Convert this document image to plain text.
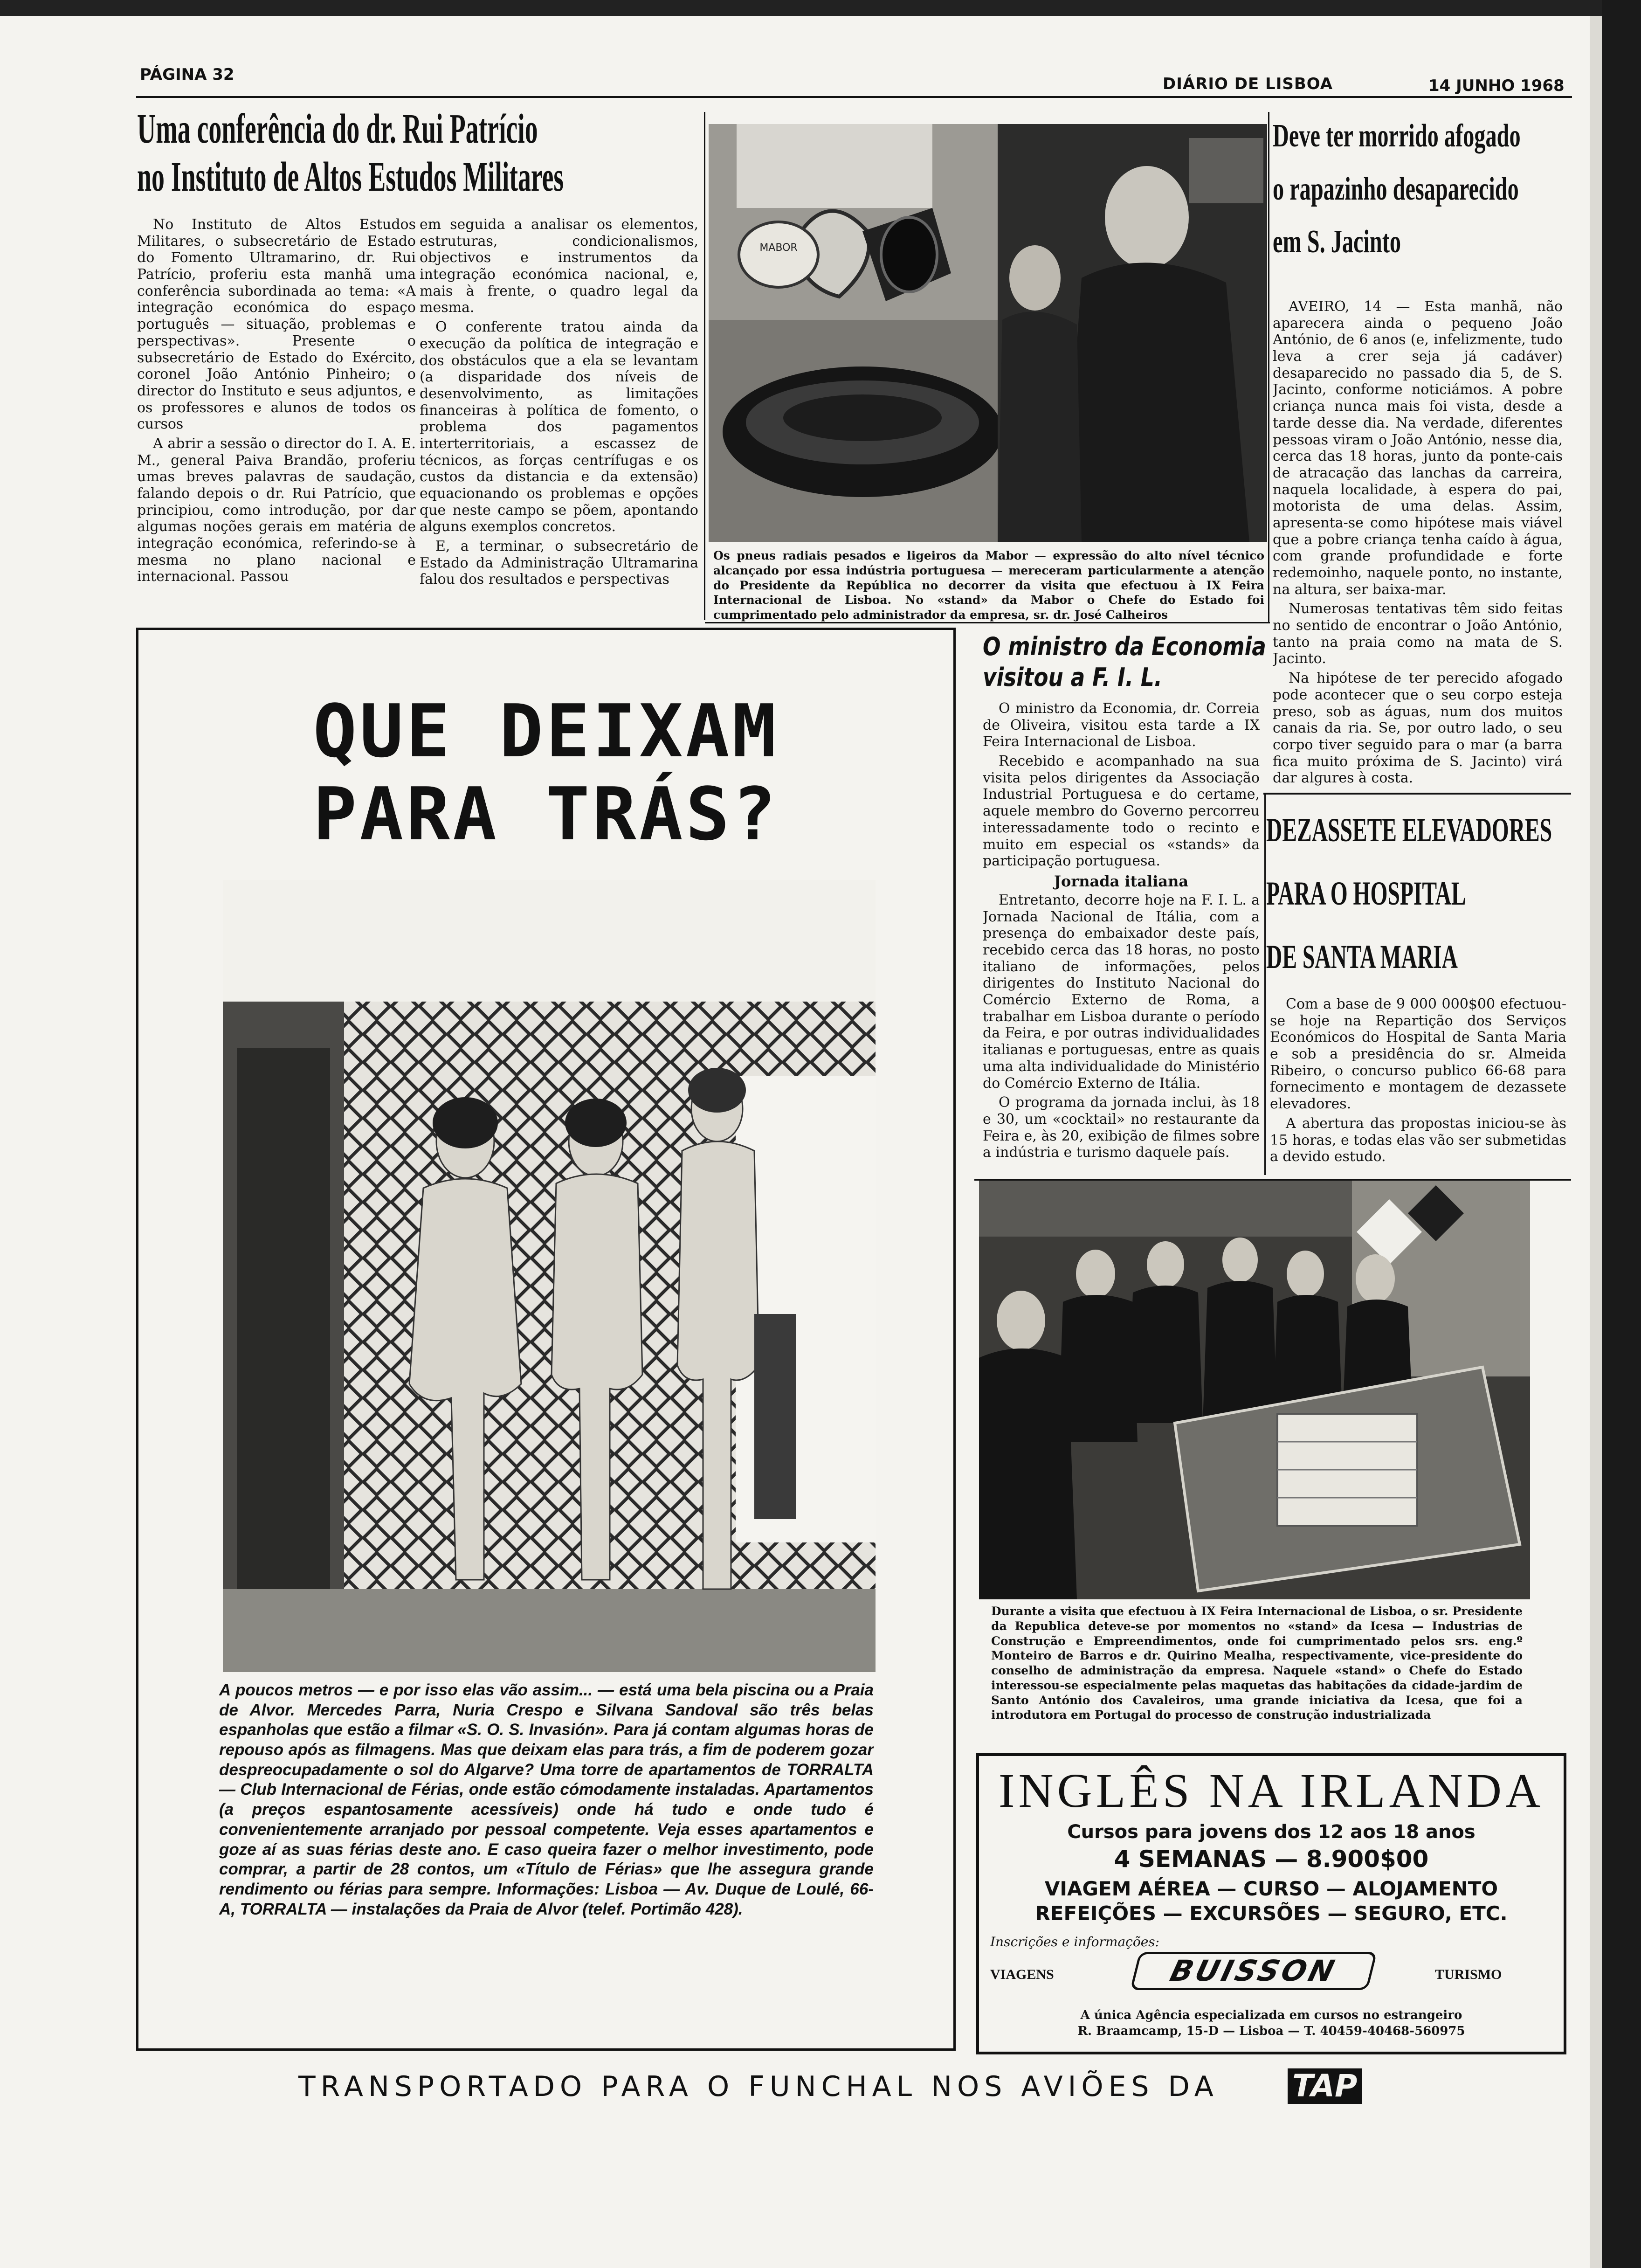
PÁGINA 32	DIÁRIO DE LISBOA	14 JUNHO 1968
Uma conferência do dr. Rui Patrício
no Instituto de Altos Estudos Militares

No Instituto de Altos Estudos Militares, o subsecretário de Estado do Fomento Ultramarino, dr. Rui Patrício, proferiu esta manhã uma conferência subordinada ao tema: «A integração económica do espaço português — situação, problemas e perspectivas». Presente o subsecretário de Estado do Exército, coronel João António Pinheiro; o director do Instituto e seus adjuntos, e os professores e alunos de todos os cursos

A abrir a sessão o director do I. A. E. M., general Paiva Brandão, proferiu umas breves palavras de saudação, falando depois o dr. Rui Patrício, que principiou, como introdução, por dar algumas noções gerais em matéria de integração económica, referindo-se à mesma no plano nacional e internacional. Passou

em seguida a analisar os elementos, estruturas, condicionalismos, objectivos e instrumentos da integração económica nacional, e, mais à frente, o quadro legal da mesma.

O conferente tratou ainda da execução da política de integração e dos obstáculos que a ela se levantam (a disparidade dos níveis de desenvolvimento, as limitações financeiras à política de fomento, o problema dos pagamentos interterritoriais, a escassez de técnicos, as forças centrífugas e os custos da distancia e da extensão) equacionando os problemas e opções que neste campo se põem, apontando alguns exemplos concretos.

E, a terminar, o subsecretário de Estado da Administração Ultramarina falou dos resultados e perspectivas

MABOR
Os pneus radiais pesados e ligeiros da Mabor — expressão do alto nível técnico alcançado por essa indústria portuguesa — mereceram particularmente a atenção do Presidente da República no decorrer da visita que efectuou à IX Feira Internacional de Lisboa. No «stand» da Mabor o Chefe do Estado foi cumprimentado pelo administrador da empresa, sr. dr. José Calheiros
Deve ter morrido afogado
o rapazinho desaparecido
em S. Jacinto

AVEIRO, 14 — Esta manhã, não aparecera ainda o pequeno João António, de 6 anos (e, infelizmente, tudo leva a crer seja já cadáver) desaparecido no passado dia 5, de S. Jacinto, conforme noticiámos. A pobre criança nunca mais foi vista, desde a tarde desse dia. Na verdade, diferentes pessoas viram o João António, nesse dia, cerca das 18 horas, junto da ponte-cais de atracação das lanchas da carreira, naquela localidade, à espera do pai, motorista de uma delas. Assim, apresenta-se como hipótese mais viável que a pobre criança tenha caído à água, com grande profundidade e forte redemoinho, naquele ponto, no instante, na altura, ser baixa-mar.

Numerosas tentativas têm sido feitas no sentido de encontrar o João António, tanto na praia como na mata de S. Jacinto.

Na hipótese de ter perecido afogado pode acontecer que o seu corpo esteja preso, sob as águas, num dos muitos canais da ria. Se, por outro lado, o seu corpo tiver seguido para o mar (a barra fica muito próxima de S. Jacinto) virá dar algures à costa.

QUE DEIXAM
PARA TRÁS?
A poucos metros — e por isso elas vão assim... — está uma bela piscina ou a Praia de Alvor. Mercedes Parra, Nuria Crespo e Silvana Sandoval são três belas espanholas que estão a filmar «S. O. S. Invasión». Para já contam algumas horas de repouso após as filmagens. Mas que deixam elas para trás, a fim de poderem gozar despreocupadamente o sol do Algarve? Uma torre de apartamentos de TORRALTA — Club Internacional de Férias, onde estão cómodamente instaladas. Apartamentos (a preços espantosamente acessíveis) onde há tudo e onde tudo é convenientemente arranjado por pessoal competente. Veja esses apartamentos e goze aí as suas férias deste ano. E caso queira fazer o melhor investimento, pode comprar, a partir de 28 contos, um «Título de Férias» que lhe assegura grande rendimento ou férias para sempre. Informações: Lisboa — Av. Duque de Loulé, 66-A, TORRALTA — instalações da Praia de Alvor (telef. Portimão 428).
O ministro da Economia
visitou a F. I. L.

O ministro da Economia, dr. Correia de Oliveira, visitou esta tarde a IX Feira Internacional de Lisboa.

Recebido e acompanhado na sua visita pelos dirigentes da Associação Industrial Portuguesa e do certame, aquele membro do Governo percorreu interessadamente todo o recinto e muito em especial os «stands» da participação portuguesa.

Jornada italiana

Entretanto, decorre hoje na F. I. L. a Jornada Nacional de Itália, com a presença do embaixador deste país, recebido cerca das 18 horas, no posto italiano de informações, pelos dirigentes do Instituto Nacional do Comércio Externo de Roma, a trabalhar em Lisboa durante o período da Feira, e por outras individualidades italianas e portuguesas, entre as quais uma alta individualidade do Ministério do Comércio Externo de Itália.

O programa da jornada inclui, às 18 e 30, um «cocktail» no restaurante da Feira e, às 20, exibição de filmes sobre a indústria e turismo daquele país.

DEZASSETE ELEVADORES
PARA O HOSPITAL
DE SANTA MARIA

Com a base de 9 000 000$00 efectuou-se hoje na Repartição dos Serviços Económicos do Hospital de Santa Maria e sob a presidência do sr. Almeida Ribeiro, o concurso publico 66-68 para fornecimento e montagem de dezassete elevadores.

A abertura das propostas iniciou-se às 15 horas, e todas elas vão ser submetidas a devido estudo.

Durante a visita que efectuou à IX Feira Internacional de Lisboa, o sr. Presidente da Republica deteve-se por momentos no «stand» da Icesa — Industrias de Construção e Empreendimentos, onde foi cumprimentado pelos srs. eng.º Monteiro de Barros e dr. Quirino Mealha, respectivamente, vice-presidente do conselho de administração da empresa. Naquele «stand» o Chefe do Estado interessou-se especialmente pelas maquetas das habitações da cidade-jardim de Santo António dos Cavaleiros, uma grande iniciativa da Icesa, que foi a introdutora em Portugal do processo de construção industrializada
INGLÊS NA IRLANDA
Cursos para jovens dos 12 aos 18 anos
4 SEMANAS — 8.900$00
VIAGEM AÉREA — CURSO — ALOJAMENTO
REFEIÇÕES — EXCURSÕES — SEGURO, ETC.
Inscrições e informações:
VIAGENS	BUISSON	TURISMO
A única Agência especializada em cursos no estrangeiro
R. Braamcamp, 15-D — Lisboa — T. 40459-40468-560975
TRANSPORTADO PARA O FUNCHAL NOS AVIÕES DA TAP
